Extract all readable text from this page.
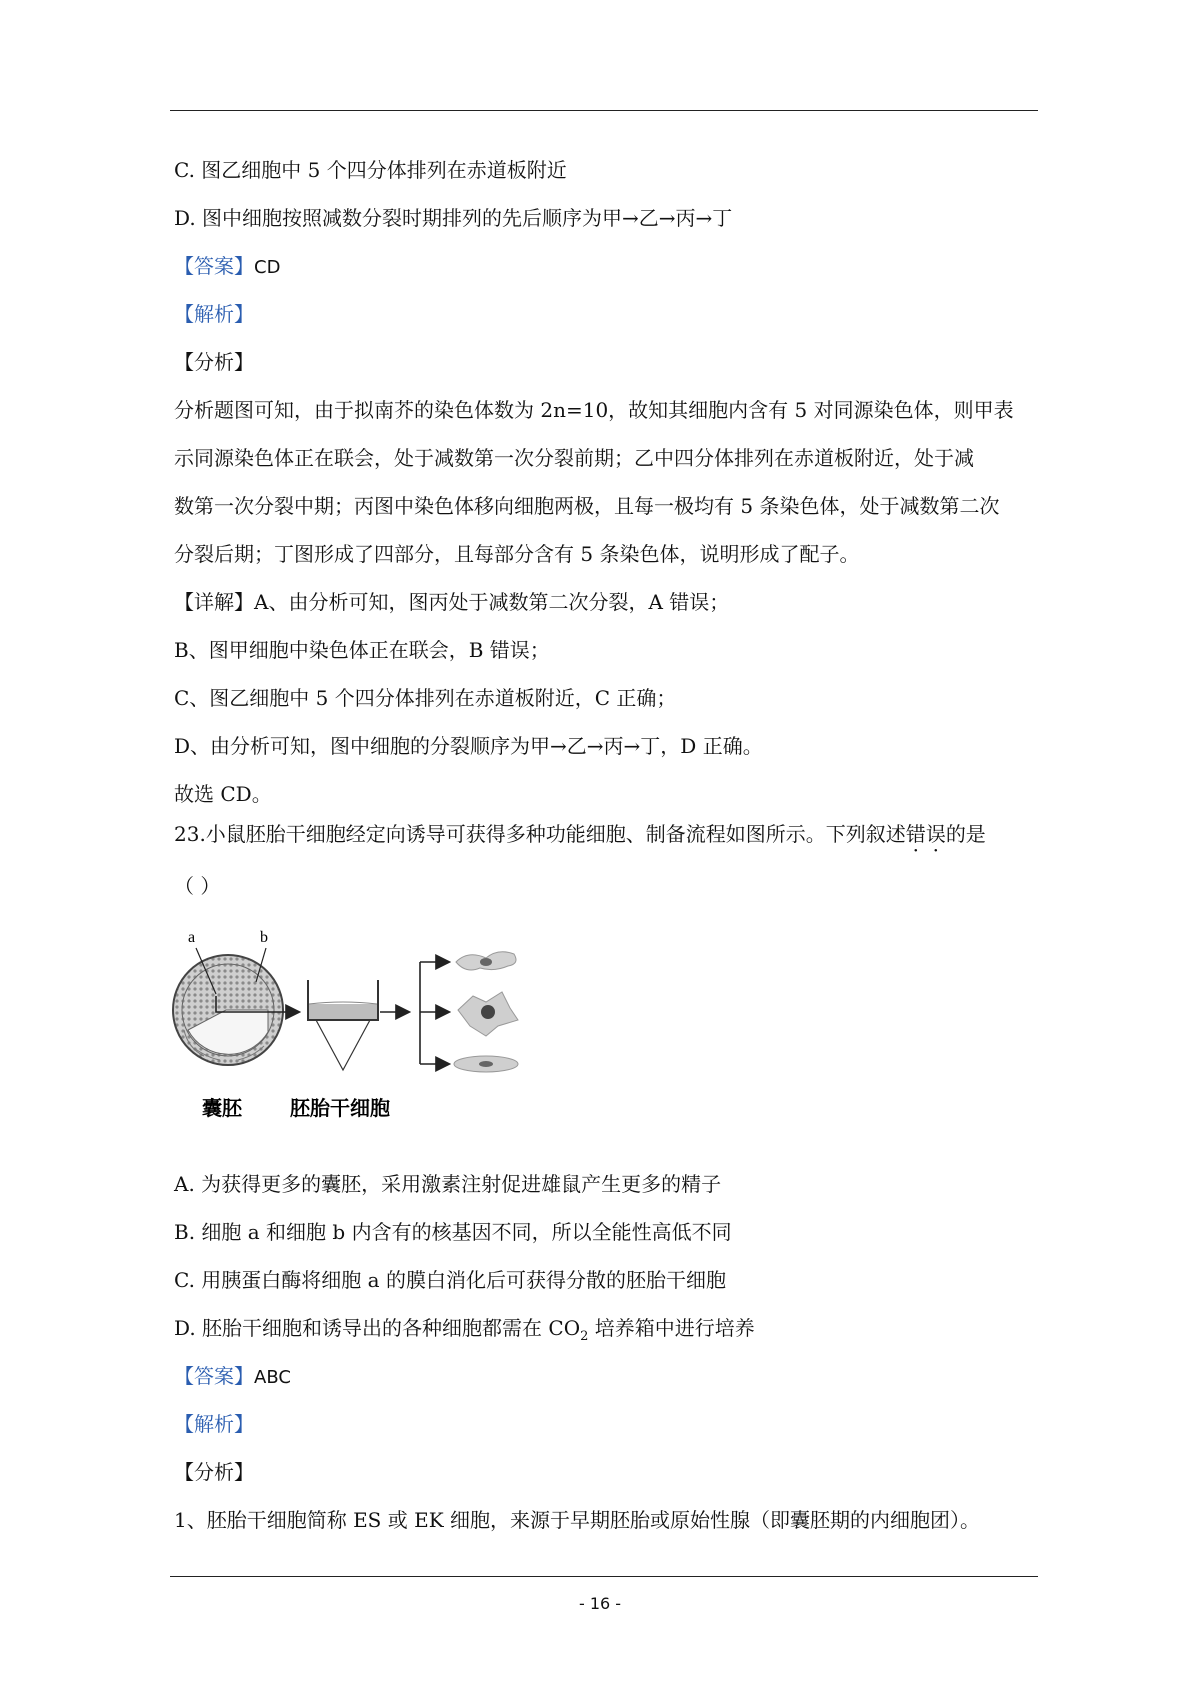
C. 图乙细胞中 5 个四分体排列在赤道板附近
D. 图中细胞按照减数分裂时期排列的先后顺序为甲→乙→丙→丁
【答案】CD
【解析】
【分析】
分析题图可知，由于拟南芥的染色体数为 2n=10，故知其细胞内含有 5 对同源染色体，则甲表
示同源染色体正在联会，处于减数第一次分裂前期；乙中四分体排列在赤道板附近，处于减
数第一次分裂中期；丙图中染色体移向细胞两极，且每一极均有 5 条染色体，处于减数第二次
分裂后期；丁图形成了四部分，且每部分含有 5 条染色体，说明形成了配子。
【详解】A、由分析可知，图丙处于减数第二次分裂，A 错误；
B、图甲细胞中染色体正在联会，B 错误；
C、图乙细胞中 5 个四分体排列在赤道板附近，C 正确；
D、由分析可知，图中细胞的分裂顺序为甲→乙→丙→丁，D 正确。
故选 CD。
23.小鼠胚胎干细胞经定向诱导可获得多种功能细胞、制备流程如图所示。下列叙述错误的是
（ ）
a	b
囊胚 胚胎干细胞
A. 为获得更多的囊胚，采用激素注射促进雄鼠产生更多的精子
B. 细胞 a 和细胞 b 内含有的核基因不同，所以全能性高低不同
C. 用胰蛋白酶将细胞 a 的膜白消化后可获得分散的胚胎干细胞
D. 胚胎干细胞和诱导出的各种细胞都需在 $CO_2$ 培养箱中进行培养
【答案】ABC
【解析】
【分析】
1、胚胎干细胞简称 ES 或 EK 细胞，来源于早期胚胎或原始性腺（即囊胚期的内细胞团）。
- 16 -
